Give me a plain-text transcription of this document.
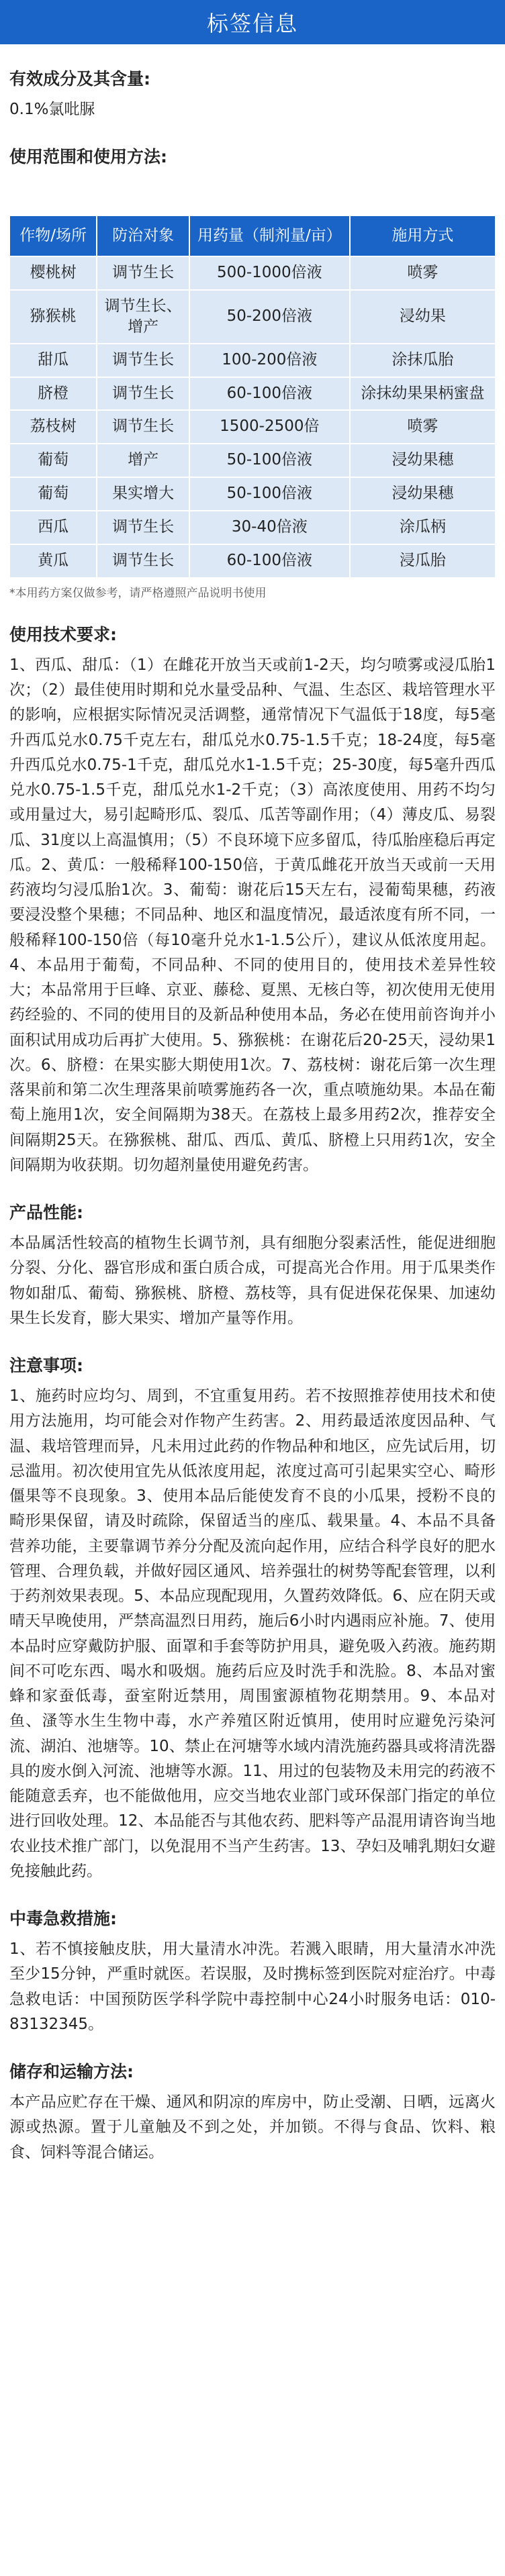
标签信息
有效成分及其含量:

0.1%氯吡脲

使用范围和使用方法:
作物/场所	防治对象	用药量（制剂量/亩）	施用方式
樱桃树	调节生长	500-1000倍液	喷雾
猕猴桃	调节生长、增产	50-200倍液	浸幼果
甜瓜	调节生长	100-200倍液	涂抹瓜胎
脐橙	调节生长	60-100倍液	涂抹幼果果柄蜜盘
荔枝树	调节生长	1500-2500倍	喷雾
葡萄	增产	50-100倍液	浸幼果穗
葡萄	果实增大	50-100倍液	浸幼果穗
西瓜	调节生长	30-40倍液	涂瓜柄
黄瓜	调节生长	60-100倍液	浸瓜胎
*本用药方案仅做参考，请严格遵照产品说明书使用
使用技术要求:

1、西瓜、甜瓜：（1）在雌花开放当天或前1-2天，均匀喷雾或浸瓜胎1次；（2）最佳使用时期和兑水量受品种、气温、生态区、栽培管理水平的影响，应根据实际情况灵活调整，通常情况下气温低于18度，每5毫升西瓜兑水0.75千克左右，甜瓜兑水0.75-1.5千克；18-24度，每5毫升西瓜兑水0.75-1千克，甜瓜兑水1-1.5千克；25-30度，每5毫升西瓜兑水0.75-1.5千克，甜瓜兑水1-2千克；（3）高浓度使用、用药不均匀或用量过大，易引起畸形瓜、裂瓜、瓜苦等副作用；（4）薄皮瓜、易裂瓜、31度以上高温慎用；（5）不良环境下应多留瓜，待瓜胎座稳后再定瓜。2、黄瓜：一般稀释100-150倍，于黄瓜雌花开放当天或前一天用药液均匀浸瓜胎1次。3、葡萄：谢花后15天左右，浸葡萄果穗，药液要浸没整个果穗；不同品种、地区和温度情况，最适浓度有所不同，一般稀释100-150倍（每10毫升兑水1-1.5公斤），建议从低浓度用起。4、本品用于葡萄，不同品种、不同的使用目的，使用技术差异性较大；本品常用于巨峰、京亚、藤稔、夏黑、无核白等，初次使用无使用药经验的、不同的使用目的及新品种使用本品，务必在使用前咨询并小面积试用成功后再扩大使用。5、猕猴桃：在谢花后20-25天，浸幼果1次。6、脐橙：在果实膨大期使用1次。7、荔枝树：谢花后第一次生理落果前和第二次生理落果前喷雾施药各一次，重点喷施幼果。本品在葡萄上施用1次，安全间隔期为38天。在荔枝上最多用药2次，推荐安全间隔期25天。在猕猴桃、甜瓜、西瓜、黄瓜、脐橙上只用药1次，安全间隔期为收获期。切勿超剂量使用避免药害。

产品性能:

本品属活性较高的植物生长调节剂，具有细胞分裂素活性，能促进细胞分裂、分化、器官形成和蛋白质合成，可提高光合作用。用于瓜果类作物如甜瓜、葡萄、猕猴桃、脐橙、荔枝等，具有促进保花保果、加速幼果生长发育，膨大果实、增加产量等作用。

注意事项:

1、施药时应均匀、周到，不宜重复用药。若不按照推荐使用技术和使用方法施用，均可能会对作物产生药害。2、用药最适浓度因品种、气温、栽培管理而异，凡未用过此药的作物品种和地区，应先试后用，切忌滥用。初次使用宜先从低浓度用起，浓度过高可引起果实空心、畸形僵果等不良现象。3、使用本品后能使发育不良的小瓜果，授粉不良的畸形果保留，请及时疏除，保留适当的座瓜、载果量。4、本品不具备营养功能，主要靠调节养分分配及流向起作用，应结合科学良好的肥水管理、合理负载，并做好园区通风、培养强壮的树势等配套管理，以利于药剂效果表现。5、本品应现配现用，久置药效降低。6、应在阴天或晴天早晚使用，严禁高温烈日用药，施后6小时内遇雨应补施。7、使用本品时应穿戴防护服、面罩和手套等防护用具，避免吸入药液。施药期间不可吃东西、喝水和吸烟。施药后应及时洗手和洗脸。8、本品对蜜蜂和家蚕低毒，蚕室附近禁用，周围蜜源植物花期禁用。9、本品对鱼、溞等水生生物中毒，水产养殖区附近慎用，使用时应避免污染河流、湖泊、池塘等。10、禁止在河塘等水域内清洗施药器具或将清洗器具的废水倒入河流、池塘等水源。11、用过的包装物及未用完的药液不能随意丢弃，也不能做他用，应交当地农业部门或环保部门指定的单位进行回收处理。12、本品能否与其他农药、肥料等产品混用请咨询当地农业技术推广部门，以免混用不当产生药害。13、孕妇及哺乳期妇女避免接触此药。

中毒急救措施:

1、若不慎接触皮肤，用大量清水冲洗。若溅入眼睛，用大量清水冲洗至少15分钟，严重时就医。若误服，及时携标签到医院对症治疗。中毒急救电话：中国预防医学科学院中毒控制中心24小时服务电话：010-83132345。

储存和运输方法:

本产品应贮存在干燥、通风和阴凉的库房中，防止受潮、日晒，远离火源或热源。置于儿童触及不到之处，并加锁。不得与食品、饮料、粮食、饲料等混合储运。
